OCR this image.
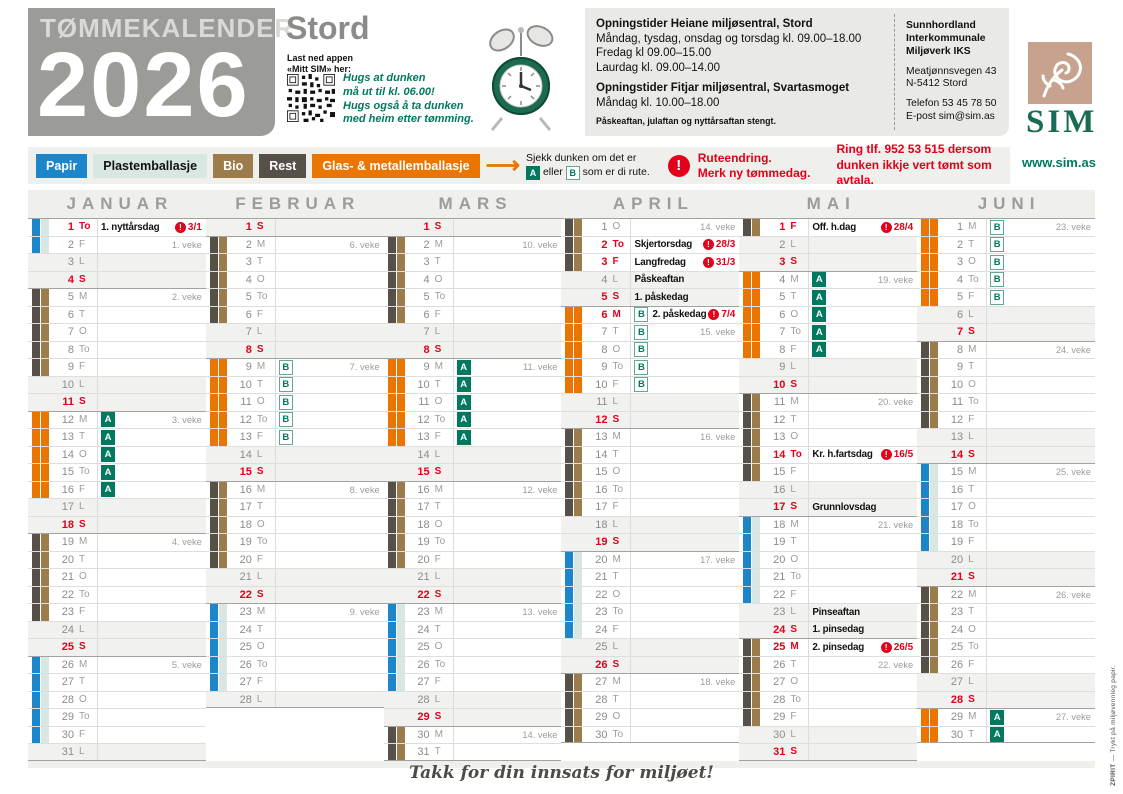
TØMMEKALENDER
2026
Stord
Last ned appen
«Mitt SIM» her:
Hugs at dunken
må ut til kl. 06.00!
Hugs også å ta dunken
med heim etter tømming.
Opningstider Heiane miljøsentral, Stord
Måndag, tysdag, onsdag og torsdag kl. 09.00–18.00
Fredag kl 09.00–15.00
Laurdag kl. 09.00–14.00
Opningstider Fitjar miljøsentral, Svartasmoget
Måndag kl. 10.00–18.00
Påskeaftan, julaftan og nyttårsaftan stengt.
Sunnhordland
Interkommunale
Miljøverk IKS
Meatjønnsvegen 43
N-5412 Stord
Telefon 53 45 78 50
E-post sim@sim.as SIM
www.sim.as
Papir	Plastemballasje	Bio	Rest	Glas- & metallemballasje ⟶ Sjekk dunken om det er
A eller B som er di rute.	!	Ruteendring.
Merk ny tømmedag.
Ring tlf. 952 53 515 dersom dunken ikkje vert tømt som avtala.
JANUAR	FEBRUAR	MARS	APRIL	MAI	JUNI
1 To	1. nyttårsdag	! 3/1
2 F	1. veke
3 L
4 S
5 M	2. veke
6 T
7 O
8 To
9 F
10 L
11 S
12 M	A	3. veke
13 T	A
14 O	A
15 To	A
16 F	A
17 L
18 S
19 M	4. veke
20 T
21 O
22 To
23 F
24 L
25 S
26 M	5. veke
27 T
28 O
29 To
30 F
31 L
1 S
2 M	6. veke
3 T
4 O
5 To
6 F
7 L
8 S
9 M	B	7. veke
10 T	B
11 O	B
12 To	B
13 F	B
14 L
15 S
16 M	8. veke
17 T
18 O
19 To
20 F
21 L
22 S
23 M	9. veke
24 T
25 O
26 To
27 F
28 L
1 S
2 M	10. veke
3 T
4 O
5 To
6 F
7 L
8 S
9 M	A	11. veke
10 T	A
11 O	A
12 To	A
13 F	A
14 L
15 S
16 M	12. veke
17 T
18 O
19 To
20 F
21 L
22 S
23 M	13. veke
24 T
25 O
26 To
27 F
28 L
29 S
30 M	14. veke
31 T
1 O	14. veke
2 To	Skjertorsdag	! 28/3
3 F	Langfredag	! 31/3
4 L	Påskeaftan
5 S	1. påskedag
6 M	B 2. påskedag ! 7/4
7 T	B	15. veke
8 O	B
9 To	B
10 F	B
11 L
12 S
13 M	16. veke
14 T
15 O
16 To
17 F
18 L
19 S
20 M	17. veke
21 T
22 O
23 To
24 F
25 L
26 S
27 M	18. veke
28 T
29 O
30 To
1 F	Off. h.dag	! 28/4
2 L
3 S
4 M	A	19. veke
5 T	A
6 O	A
7 To	A
8 F	A
9 L
10 S
11 M	20. veke
12 T
13 O
14 To	Kr. h.fartsdag	! 16/5
15 F
16 L
17 S	Grunnlovsdag
18 M	21. veke
19 T
20 O
21 To
22 F
23 L	Pinseaftan
24 S	1. pinsedag
25 M	2. pinsedag	! 26/5
26 T	22. veke
27 O
28 To
29 F
30 L
31 S
1 M	B	23. veke
2 T	B
3 O	B
4 To	B
5 F	B
6 L
7 S
8 M	24. veke
9 T
10 O
11 To
12 F
13 L
14 S
15 M	25. veke
16 T
17 O
18 To
19 F
20 L
21 S
22 M	26. veke
23 T
24 O
25 To
26 F
27 L
28 S
29 M	A	27. veke
30 T	A
Takk for din innsats for miljøet!	ZPIRIT — Trykt på miljøvennleg papir.
